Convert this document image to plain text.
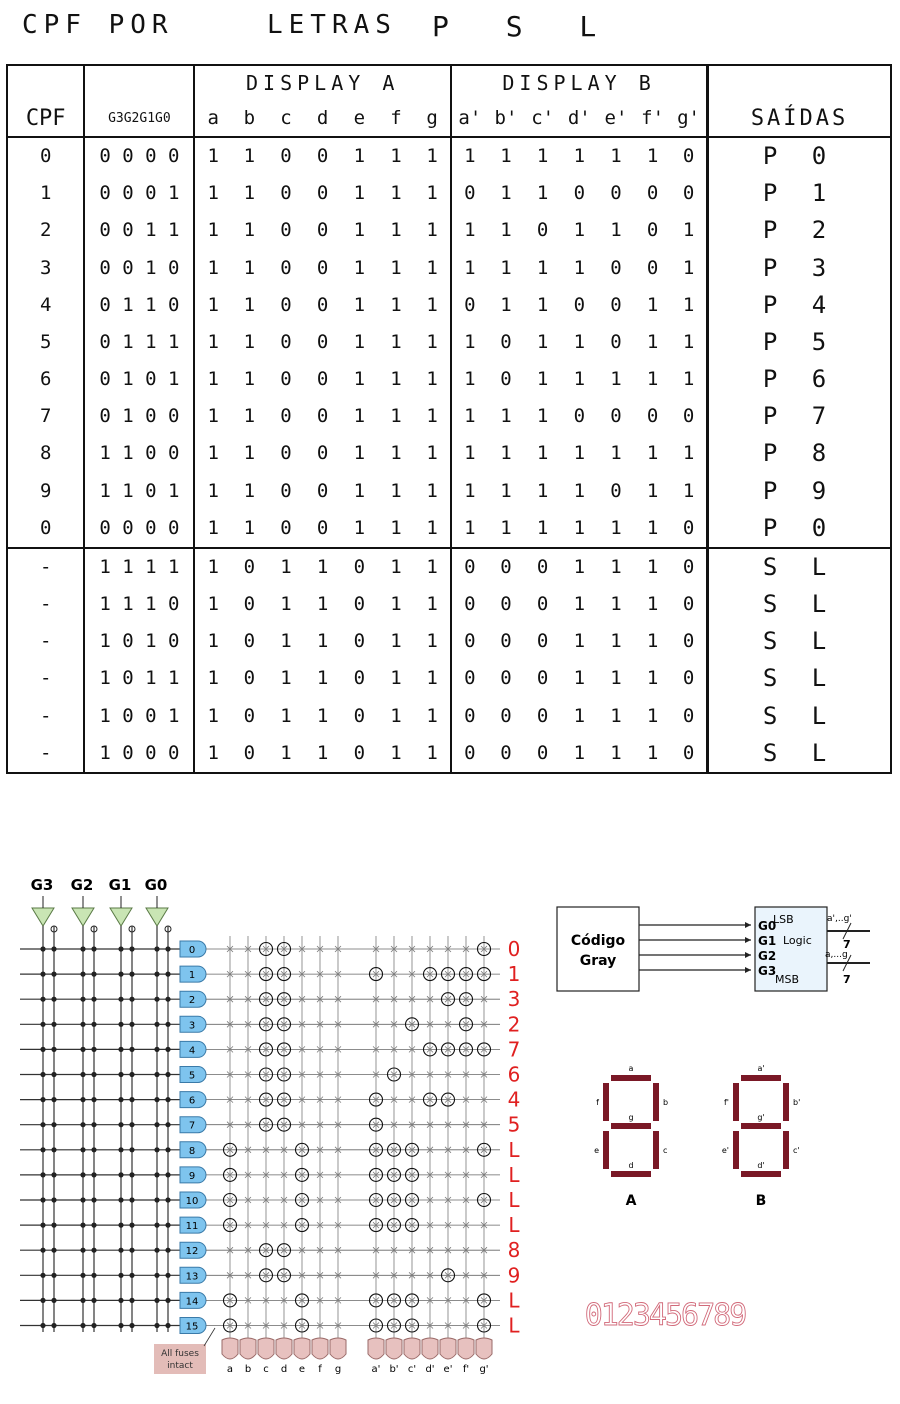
CPF POR	LETRAS P S L
		DISPLAY A							DISPLAY B							
CPF	G3G2G1G0	a	b	c	d	e	f	g	a'	b'	c'	d'	e'	f'	g'	SAÍDAS
0	0 0 0 0	1	1	0	0	1	1	1	1	1	1	1	1	1	0	P 0
1	0 0 0 1	1	1	0	0	1	1	1	0	1	1	0	0	0	0	P 1
2	0 0 1 1	1	1	0	0	1	1	1	1	1	0	1	1	0	1	P 2
3	0 0 1 0	1	1	0	0	1	1	1	1	1	1	1	0	0	1	P 3
4	0 1 1 0	1	1	0	0	1	1	1	0	1	1	0	0	1	1	P 4
5	0 1 1 1	1	1	0	0	1	1	1	1	0	1	1	0	1	1	P 5
6	0 1 0 1	1	1	0	0	1	1	1	1	0	1	1	1	1	1	P 6
7	0 1 0 0	1	1	0	0	1	1	1	1	1	1	0	0	0	0	P 7
8	1 1 0 0	1	1	0	0	1	1	1	1	1	1	1	1	1	1	P 8
9	1 1 0 1	1	1	0	0	1	1	1	1	1	1	1	0	1	1	P 9
0	0 0 0 0	1	1	0	0	1	1	1	1	1	1	1	1	1	0	P 0
-	1 1 1 1	1	0	1	1	0	1	1	0	0	0	1	1	1	0	S L
-	1 1 1 0	1	0	1	1	0	1	1	0	0	0	1	1	1	0	S L
-	1 0 1 0	1	0	1	1	0	1	1	0	0	0	1	1	1	0	S L
-	1 0 1 1	1	0	1	1	0	1	1	0	0	0	1	1	1	0	S L
-	1 0 0 1	1	0	1	1	0	1	1	0	0	0	1	1	1	0	S L
-	1 0 0 0	1	0	1	1	0	1	1	0	0	0	1	1	1	0	S L
G3 G2 G1 G0
0	0
1	1
2	3
3	2
4	7
5	6
6	4
7	5
8	L
9	L
10	L
11	L
12	8
13	9
14	L
15	L
a b c d e f g	a' b' c' d' e' f' g'
All fuses
intact
Código
Gray
G0
G1
G2
G3
LSB
Logic
MSB
a',..g'
a,...g
7
7
a
b
c
d
e
f
g
A
a'
b'
c'
d'
e'
f'
g'
B
0123456789
